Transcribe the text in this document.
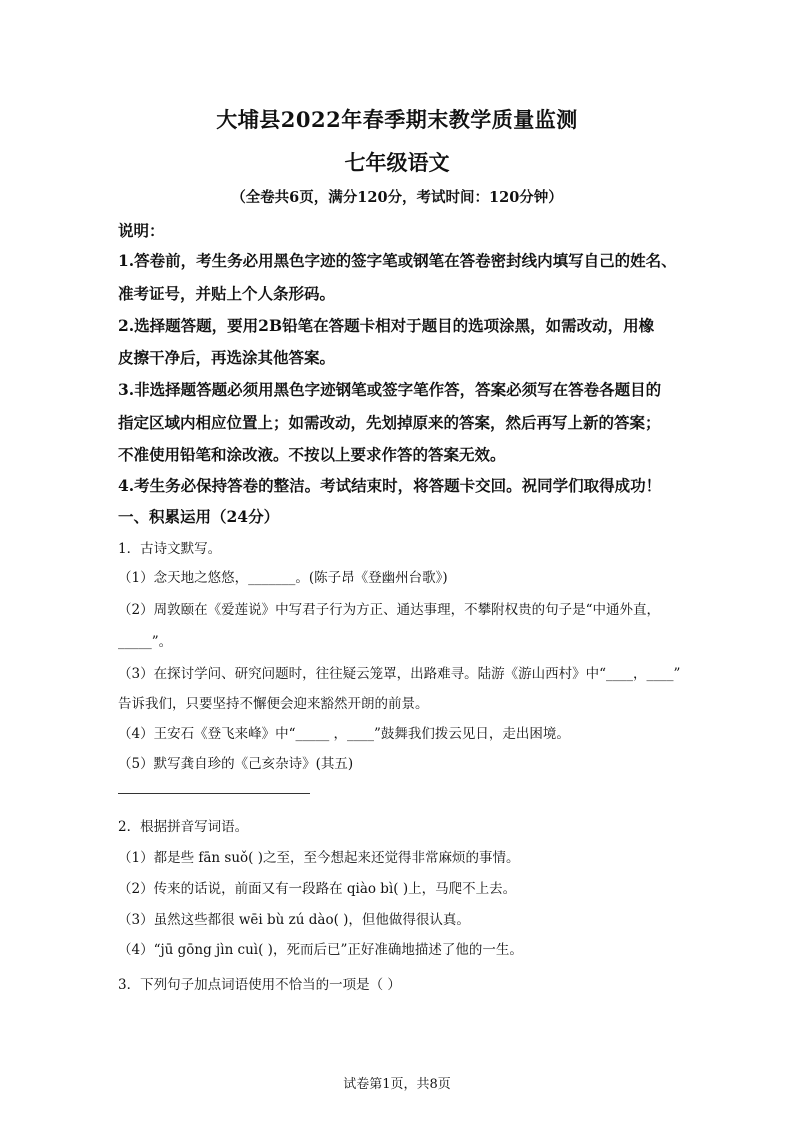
大埔县2022年春季期末教学质量监测
七年级语文
（全卷共6页，满分120分，考试时间：120分钟）
说明：
1.答卷前，考生务必用黑色字迹的签字笔或钢笔在答卷密封线内填写自己的姓名、
准考证号，并贴上个人条形码。
2.选择题答题，要用2B铅笔在答题卡相对于题目的选项涂黑，如需改动，用橡
皮擦干净后，再选涂其他答案。
3.非选择题答题必须用黑色字迹钢笔或签字笔作答，答案必须写在答卷各题目的
指定区域内相应位置上；如需改动，先划掉原来的答案，然后再写上新的答案；
不准使用铅笔和涂改液。不按以上要求作答的答案无效。
4.考生务必保持答卷的整洁。考试结束时，将答题卡交回。祝同学们取得成功！
一、积累运用（24分）
1．古诗文默写。
（1）念天地之悠悠，_______。(陈子昂《登幽州台歌》)
（2）周敦颐在《爱莲说》中写君子行为方正、通达事理，不攀附权贵的句子是“中通外直，
_____”。
（3）在探讨学问、研究问题时，往往疑云笼罩，出路难寻。陆游《游山西村》中“____，____”
告诉我们，只要坚持不懈便会迎来豁然开朗的前景。
（4）王安石《登飞来峰》中“_____ ，____”鼓舞我们拨云见日，走出困境。
（5）默写龚自珍的《己亥杂诗》(其五)
2．根据拼音写词语。
（1）都是些 fān suǒ( )之至，至今想起来还觉得非常麻烦的事情。
（2）传来的话说，前面又有一段路在 qiào bì( )上，马爬不上去。
（3）虽然这些都很 wēi bù zú dào( )，但他做得很认真。
（4）“jū gōng jìn cuì( )，死而后已”正好准确地描述了他的一生。
3．下列句子加点词语使用不恰当的一项是（ ）
试卷第1页，共8页
